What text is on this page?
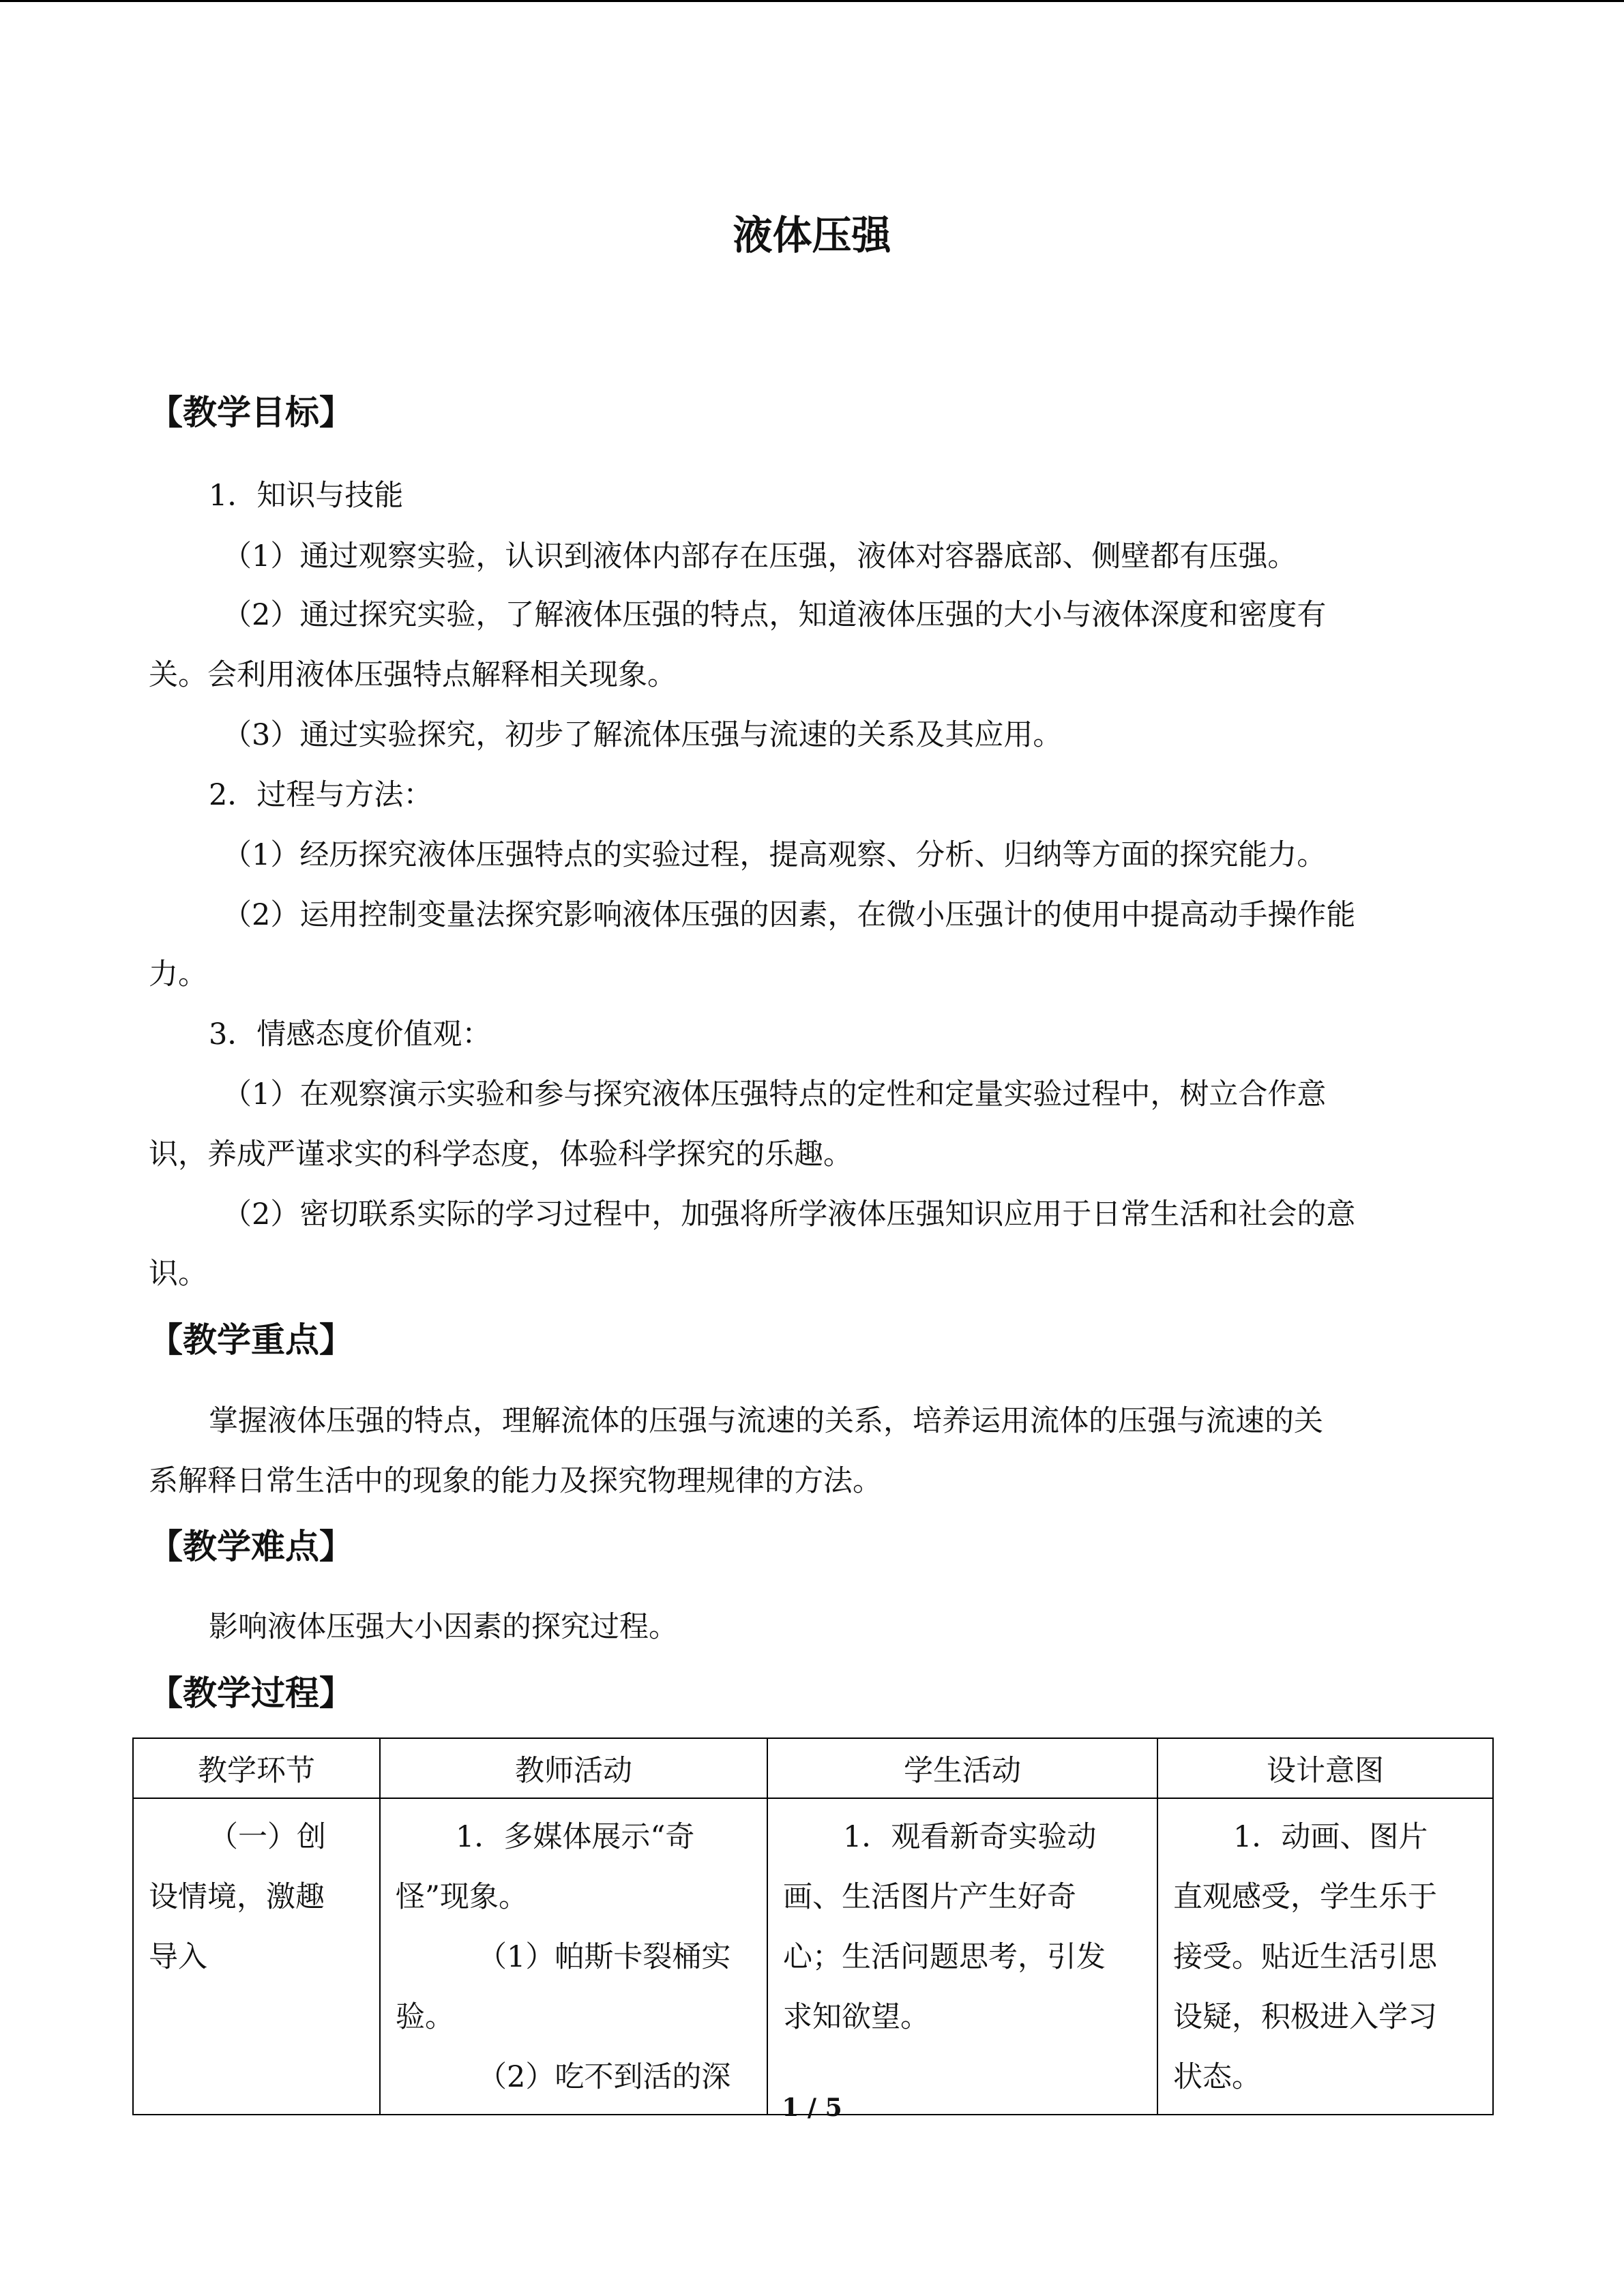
液体压强
【教学目标】
1．知识与技能
（1）通过观察实验，认识到液体内部存在压强，液体对容器底部、侧壁都有压强。
（2）通过探究实验，了解液体压强的特点，知道液体压强的大小与液体深度和密度有
关。会利用液体压强特点解释相关现象。
（3）通过实验探究，初步了解流体压强与流速的关系及其应用。
2．过程与方法：
（1）经历探究液体压强特点的实验过程，提高观察、分析、归纳等方面的探究能力。
（2）运用控制变量法探究影响液体压强的因素，在微小压强计的使用中提高动手操作能
力。
3．情感态度价值观：
（1）在观察演示实验和参与探究液体压强特点的定性和定量实验过程中，树立合作意
识，养成严谨求实的科学态度，体验科学探究的乐趣。
（2）密切联系实际的学习过程中，加强将所学液体压强知识应用于日常生活和社会的意
识。
【教学重点】
掌握液体压强的特点，理解流体的压强与流速的关系，培养运用流体的压强与流速的关
系解释日常生活中的现象的能力及探究物理规律的方法。
【教学难点】
影响液体压强大小因素的探究过程。
【教学过程】
教学环节	教师活动	学生活动	设计意图

（一）创
设情境，激趣
导入	1．多媒体展示“奇
怪”现象。
（1）帕斯卡裂桶实
验。
（2）吃不到活的深	1．观看新奇实验动
画、生活图片产生好奇
心；生活问题思考，引发
求知欲望。	1．动画、图片
直观感受，学生乐于
接受。贴近生活引思
设疑，积极进入学习
状态。
1 / 5
